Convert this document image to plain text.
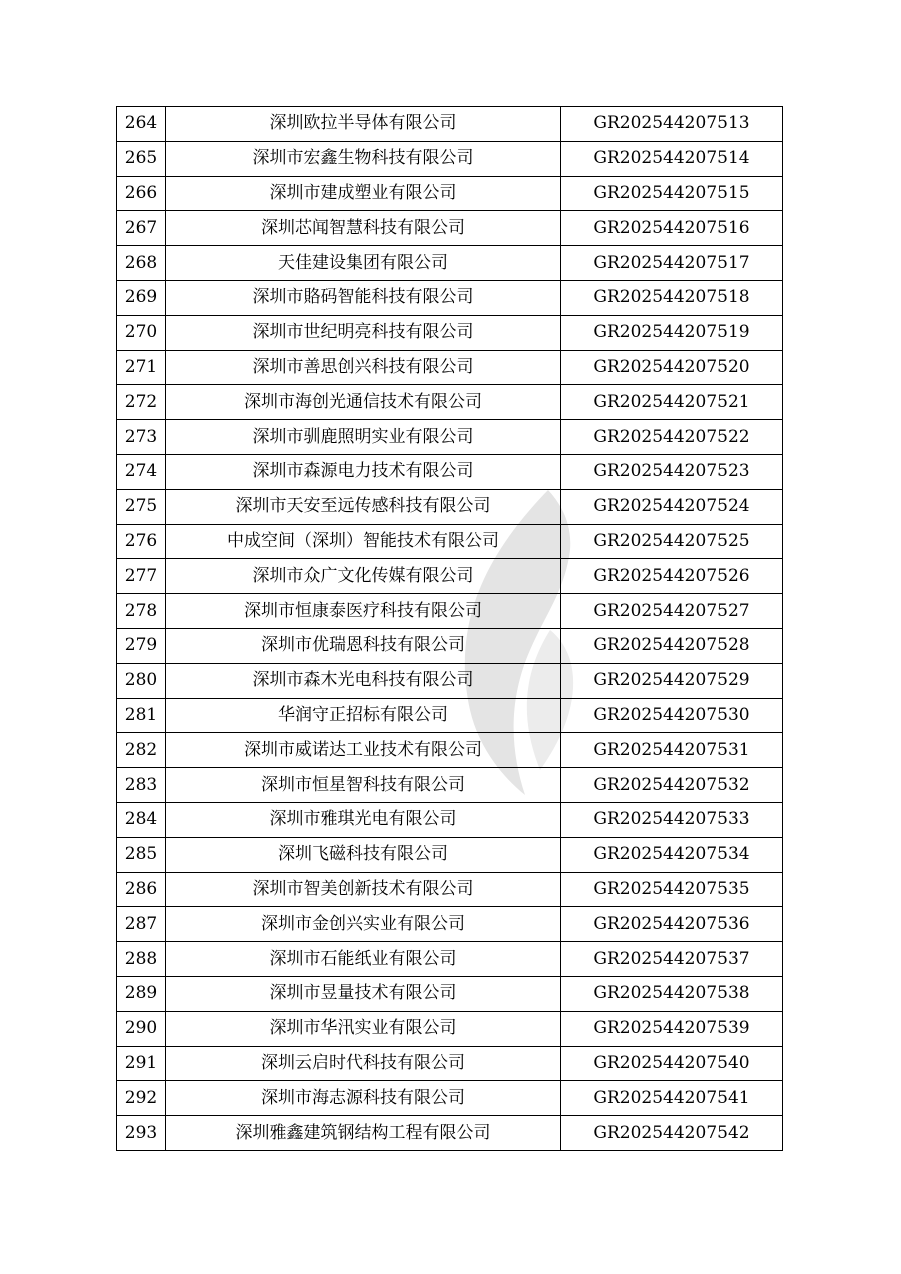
264	深圳欧拉半导体有限公司	GR202544207513
265	深圳市宏鑫生物科技有限公司	GR202544207514
266	深圳市建成塑业有限公司	GR202544207515
267	深圳芯闻智慧科技有限公司	GR202544207516
268	天佳建设集团有限公司	GR202544207517
269	深圳市賂码智能科技有限公司	GR202544207518
270	深圳市世纪明亮科技有限公司	GR202544207519
271	深圳市善思创兴科技有限公司	GR202544207520
272	深圳市海创光通信技术有限公司	GR202544207521
273	深圳市驯鹿照明实业有限公司	GR202544207522
274	深圳市森源电力技术有限公司	GR202544207523
275	深圳市天安至远传感科技有限公司	GR202544207524
276	中成空间（深圳）智能技术有限公司	GR202544207525
277	深圳市众广文化传媒有限公司	GR202544207526
278	深圳市恒康泰医疗科技有限公司	GR202544207527
279	深圳市优瑞恩科技有限公司	GR202544207528
280	深圳市森木光电科技有限公司	GR202544207529
281	华润守正招标有限公司	GR202544207530
282	深圳市威诺达工业技术有限公司	GR202544207531
283	深圳市恒星智科技有限公司	GR202544207532
284	深圳市雅琪光电有限公司	GR202544207533
285	深圳飞磁科技有限公司	GR202544207534
286	深圳市智美创新技术有限公司	GR202544207535
287	深圳市金创兴实业有限公司	GR202544207536
288	深圳市石能纸业有限公司	GR202544207537
289	深圳市昱量技术有限公司	GR202544207538
290	深圳市华汛实业有限公司	GR202544207539
291	深圳云启时代科技有限公司	GR202544207540
292	深圳市海志源科技有限公司	GR202544207541
293	深圳雅鑫建筑钢结构工程有限公司	GR202544207542
